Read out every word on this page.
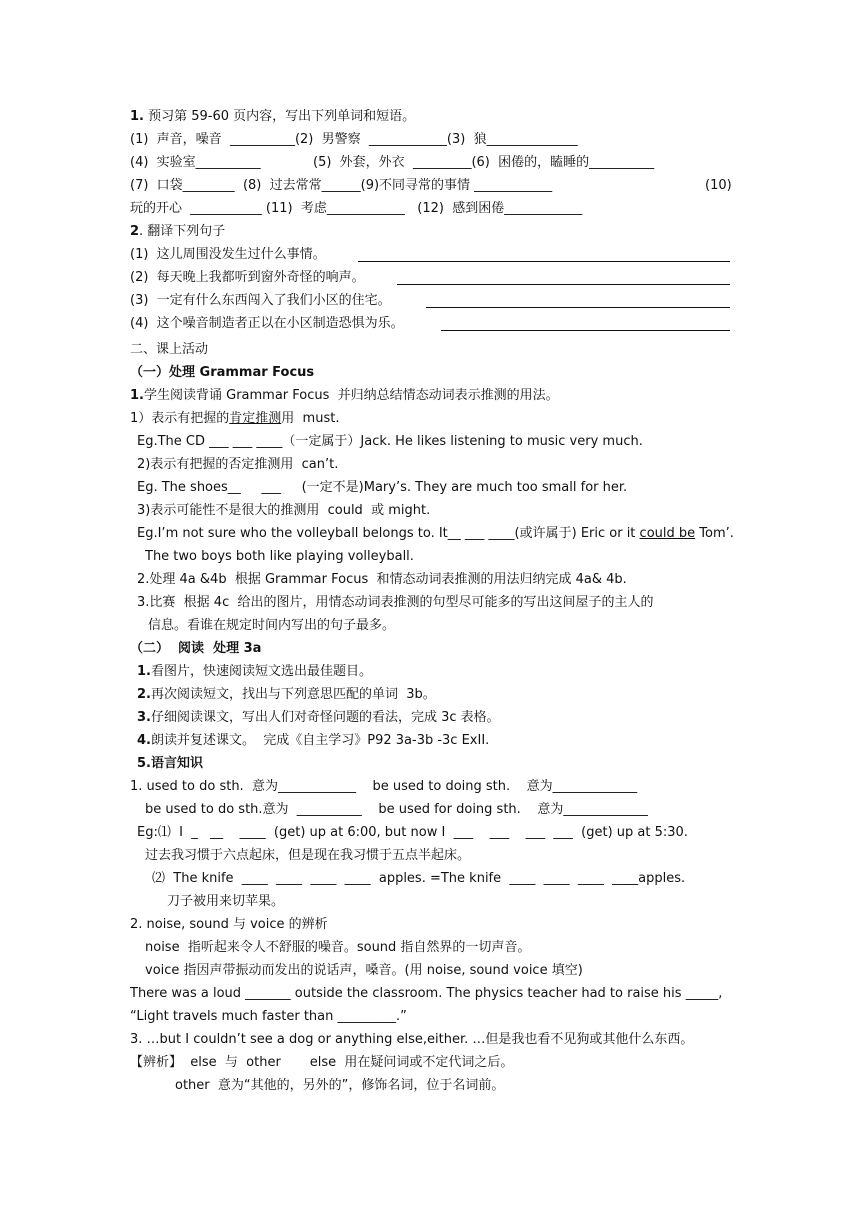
1. 预习第 59-60 页内容，写出下列单词和短语。
(1)  声音，噪音  __________(2)  男警察  ____________(3)  狼______________
(4)  实验室__________	(5)  外套，外衣  _________(6)  困倦的，瞌睡的__________
(7)  口袋________  (8)  过去常常______(9)不同寻常的事情 ____________	(10)
玩的开心  ___________ (11)  考虑____________   (12)  感到困倦____________
2. 翻译下列句子
(1)  这儿周围没发生过什么事情。
(2)  每天晚上我都听到窗外奇怪的响声。
(3)  一定有什么东西闯入了我们小区的住宅。
(4)  这个噪音制造者正以在小区制造恐惧为乐。
二、课上活动
（一）处理 Grammar Focus
1.学生阅读背诵 Grammar Focus  并归纳总结情态动词表示推测的用法。
1）表示有把握的肯定推测用  must.
Eg.The CD ___ ___ ____（一定属于）Jack. He likes listening to music very much.
2)表示有把握的否定推测用  can’t.
Eg. The shoes__     ___     (一定不是)Mary’s. They are much too small for her.
3)表示可能性不是很大的推测用  could  或 might.
Eg.I’m not sure who the volleyball belongs to. It__ ___ ____(或许属于) Eric or it could be Tom’.
The two boys both like playing volleyball.
2.处理 4a &4b  根据 Grammar Focus  和情态动词表推测的用法归纳完成 4a& 4b.
3.比赛  根据 4c  给出的图片，用情态动词表推测的句型尽可能多的写出这间屋子的主人的
信息。看谁在规定时间内写出的句子最多。
（二）  阅读  处理 3a
1.看图片，快速阅读短文选出最佳题目。
2.再次阅读短文，找出与下列意思匹配的单词  3b。
3.仔细阅读课文，写出人们对奇怪问题的看法，完成 3c 表格。
4.朗读并复述课文。  完成《自主学习》P92 3a-3b -3c ExII.
5.语言知识
1. used to do sth.  意为____________    be used to doing sth.    意为_____________
be used to do sth.意为  __________    be used for doing sth.    意为_____________
Eg:⑴  I  _   __    ____  (get) up at 6:00, but now I  ___    ___    ___  ___  (get) up at 5:30.
过去我习惯于六点起床，但是现在我习惯于五点半起床。
⑵  The knife  ____  ____  ____  ____  apples. =The knife  ____  ____  ____  ____apples.
刀子被用来切苹果。
2. noise, sound 与 voice 的辨析
noise  指听起来令人不舒服的噪音。sound 指自然界的一切声音。
voice 指因声带振动而发出的说话声，嗓音。(用 noise, sound voice 填空)
There was a loud _______ outside the classroom. The physics teacher had to raise his _____,
“Light travels much faster than _________.”
3. …but I couldn’t see a dog or anything else,either. …但是我也看不见狗或其他什么东西。
【辨析】  else  与  other       else  用在疑问词或不定代词之后。
other  意为“其他的，另外的”，修饰名词，位于名词前。
